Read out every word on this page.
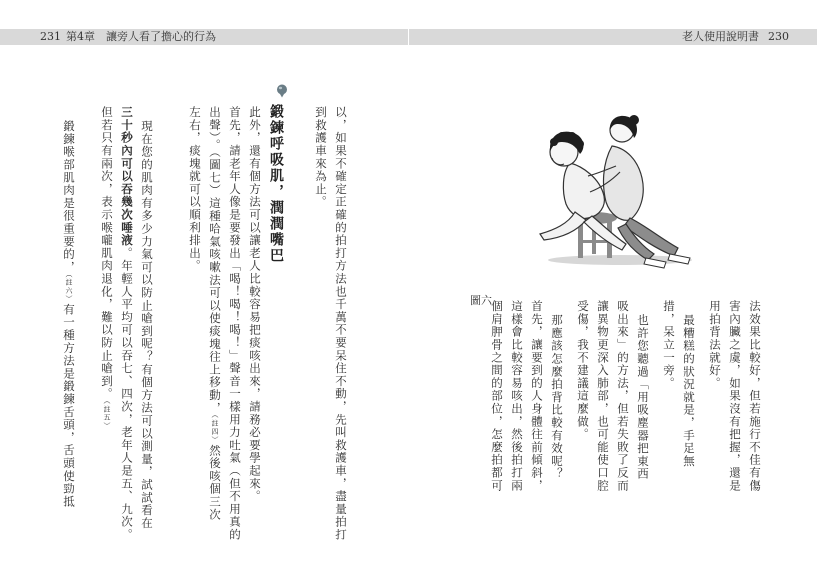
231 第4章　讓旁人看了擔心的行為	老人使用說明書 230
以，如果不確定正確的拍打方法也千萬不要呆住不動，先叫救護車，盡量拍打
到救護車來為止。
鍛鍊呼吸肌，潤潤嘴巴
此外，還有個方法可以讓老人比較容易把痰咳出來，請務必要學起來。
首先，請老年人像是要發出「喝！喝！喝！」聲音一樣用力吐氣（但不用真的
出聲）。（圖七）這種哈氣咳嗽法可以使痰塊往上移動，（註四）然後咳個三次
左右，痰塊就可以順利排出。
現在您的肌肉有多少力氣可以防止嗆到呢？有個方法可以測量，試試看在
三十秒內可以吞幾次唾液。年輕人平均可以吞七、四次，老年人是五、九次。
但若只有兩次，表示喉嚨肌肉退化，難以防止嗆到。（註五）
鍛鍊喉部肌肉是很重要的，（註六）有一種方法是鍛鍊舌頭，舌頭使勁抵
圖六	法效果比較好，但若施行不佳有傷
害內臟之虞，如果沒有把握，還是
用拍背法就好。
最糟糕的狀況就是，手足無
措，呆立一旁。
也許您聽過「用吸塵器把東西
吸出來」的方法，但若失敗了反而
讓異物更深入肺部，也可能使口腔
受傷，我不建議這麼做。
那應該怎麼拍背比較有效呢？
首先，讓要到的人身體往前傾斜，
這樣會比較容易咳出，然後拍打兩
個肩胛骨之間的部位，怎麼拍都可
